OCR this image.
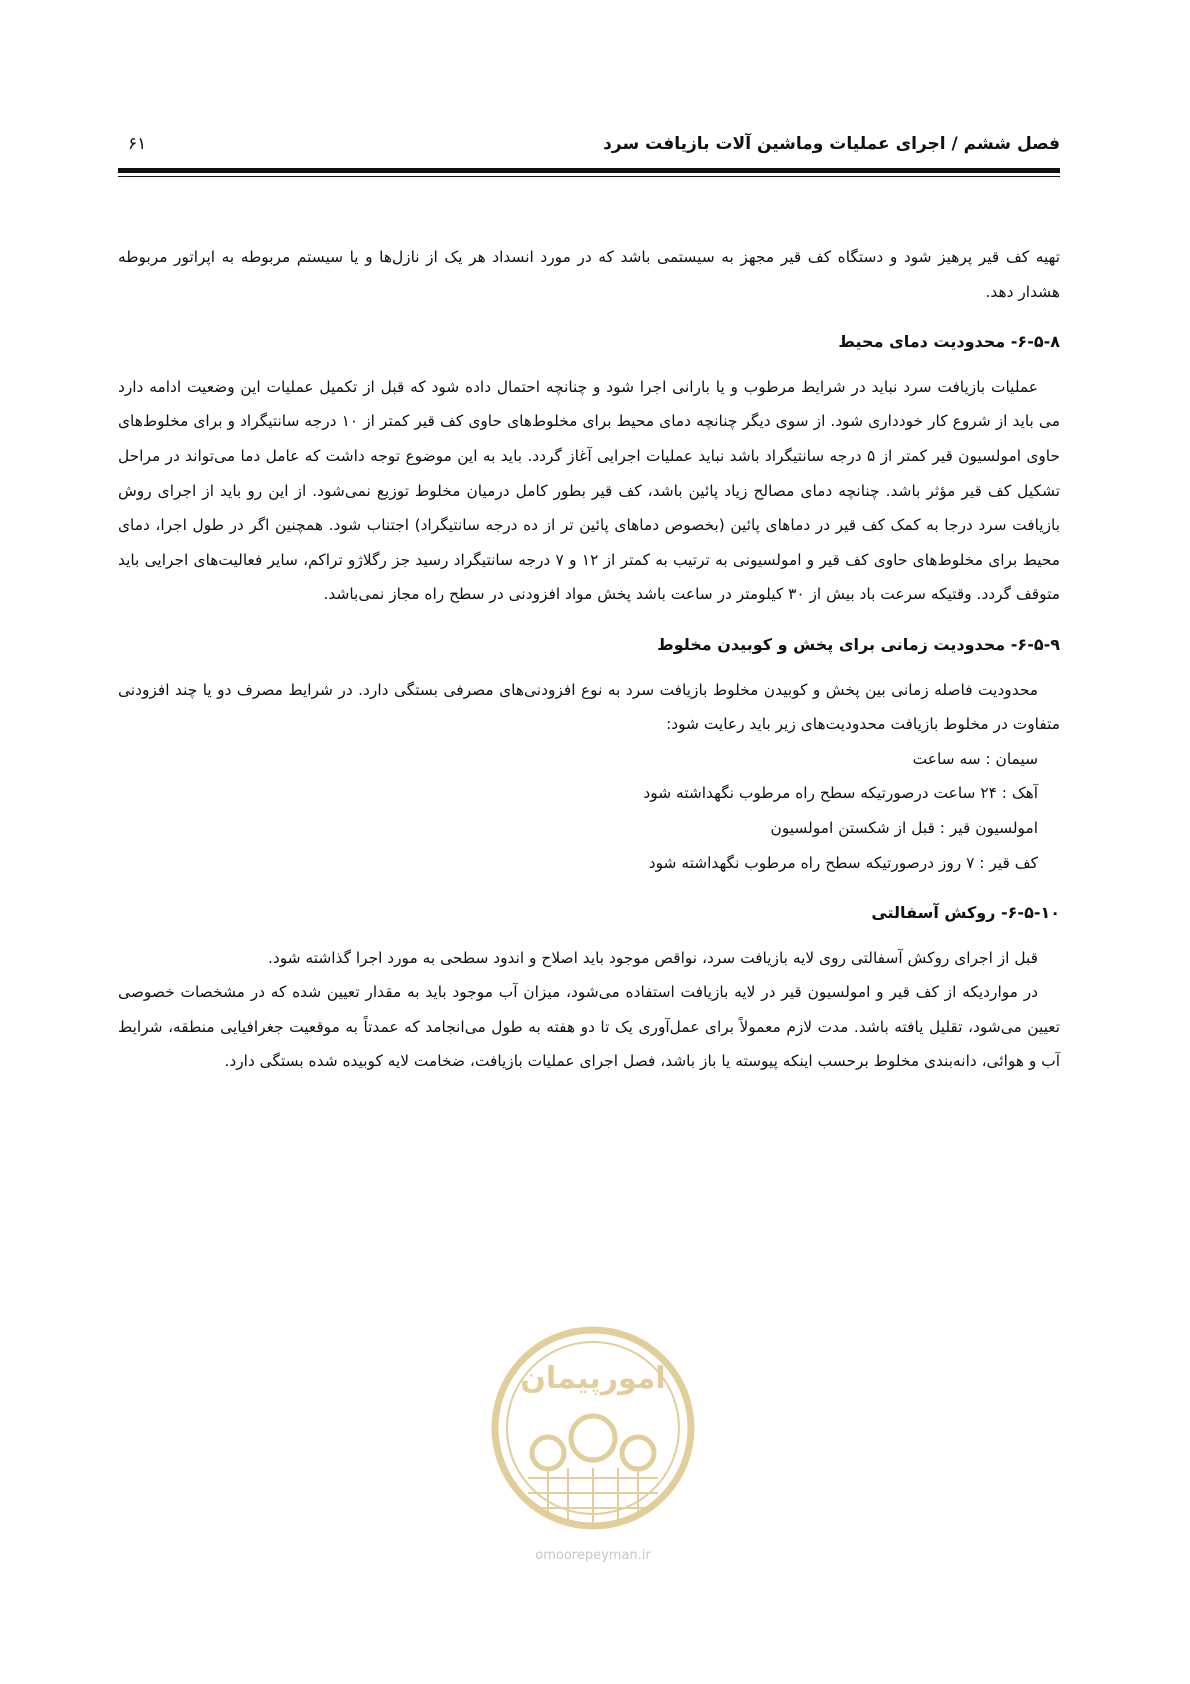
فصل ششم / اجرای عملیات وماشین آلات بازیافت سرد
۶۱

تهیه کف قیر پرهیز شود و دستگاه کف قیر مجهز به سیستمی باشد که در مورد انسداد هر یک از نازل‌ها و یا سیستم مربوطه به اپراتور مربوطه هشدار دهد.

۶-۵-۸- محدودیت دمای محیط

عملیات بازیافت سرد نباید در شرایط مرطوب و یا بارانی اجرا شود و چنانچه احتمال داده شود که قبل از تکمیل عملیات این وضعیت ادامه دارد می باید از شروع کار خودداری شود. از سوی دیگر چنانچه دمای محیط برای مخلوط‌های حاوی کف قیر کمتر از ۱۰ درجه سانتیگراد و برای مخلوط‌های حاوی امولسیون قیر کمتر از ۵ درجه سانتیگراد باشد نباید عملیات اجرایی آغاز گردد. باید به این موضوع توجه داشت که عامل دما می‌تواند در مراحل تشکیل کف قیر مؤثر باشد. چنانچه دمای مصالح زیاد پائین باشد، کف قیر بطور کامل درمیان مخلوط توزیع نمی‌شود. از این رو باید از اجرای روش بازیافت سرد درجا به کمک کف قیر در دماهای پائین (بخصوص دماهای پائین تر از ده درجه سانتیگراد) اجتناب شود. همچنین اگر در طول اجرا، دمای محیط برای مخلوط‌های حاوی کف قیر و امولسیونی به ترتیب به کمتر از ۱۲ و ۷ درجه سانتیگراد رسید جز رگلاژو تراکم، سایر فعالیت‌های اجرایی باید متوقف گردد. وقتیکه سرعت باد بیش از ۳۰ کیلومتر در ساعت باشد پخش مواد افزودنی در سطح راه مجاز نمی‌باشد.

۶-۵-۹- محدودیت زمانی برای پخش و کوبیدن مخلوط

محدودیت فاصله زمانی بین پخش و کوبیدن مخلوط بازیافت سرد به نوع افزودنی‌های مصرفی بستگی دارد. در شرایط مصرف دو یا چند افزودنی متفاوت در مخلوط بازیافت محدودیت‌های زیر باید رعایت شود:

سیمان : سه ساعت
آهک : ۲۴ ساعت درصورتیکه سطح راه مرطوب نگهداشته شود
امولسیون قیر : قبل از شکستن امولسیون
کف قیر : ۷ روز درصورتیکه سطح راه مرطوب نگهداشته شود

۶-۵-۱۰- روکش آسفالتی

قبل از اجرای روکش آسفالتی روی لایه بازیافت سرد، نواقص موجود باید اصلاح و اندود سطحی به مورد اجرا گذاشته شود.

در مواردیکه از کف قیر و امولسیون قیر در لایه بازیافت استفاده می‌شود، میزان آب موجود باید به مقدار تعیین شده که در مشخصات خصوصی تعیین می‌شود، تقلیل یافته باشد. مدت لازم معمولاً برای عمل‌آوری یک تا دو هفته به طول می‌انجامد که عمدتاً به موقعیت جغرافیایی منطقه، شرایط آب و هوائی، دانه‌بندی مخلوط برحسب اینکه پیوسته یا باز باشد، فصل اجرای عملیات بازیافت، ضخامت لایه کوبیده شده بستگی دارد.

امورپیمان
omoorepeyman.ir
